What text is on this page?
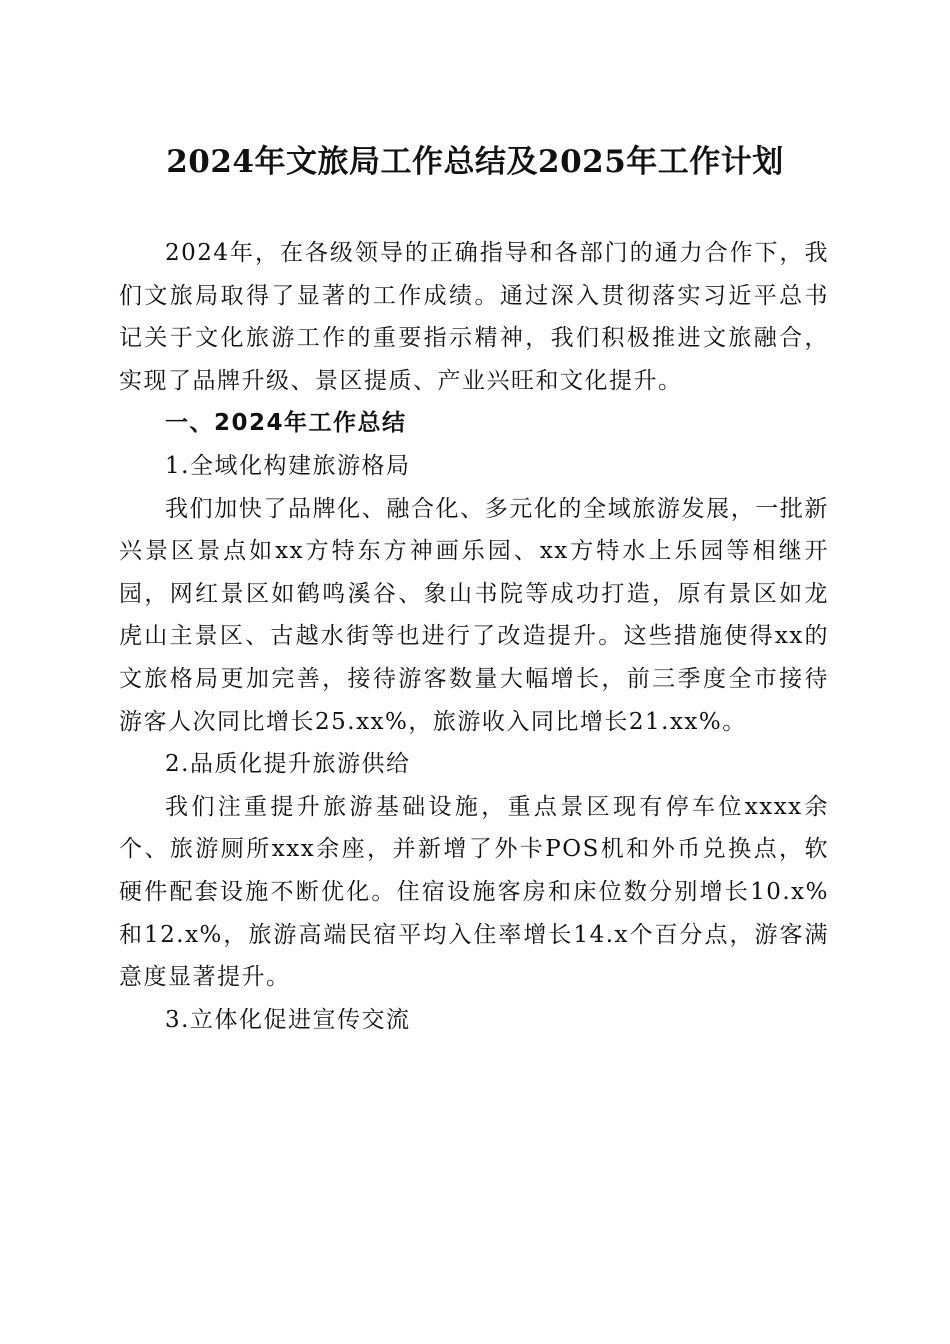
2024年文旅局工作总结及2025年工作计划

2024年，在各级领导的正确指导和各部门的通力合作下，我们文旅局取得了显著的工作成绩。通过深入贯彻落实习近平总书记关于文化旅游工作的重要指示精神，我们积极推进文旅融合，实现了品牌升级、景区提质、产业兴旺和文化提升。

一、2024年工作总结

1.全域化构建旅游格局

我们加快了品牌化、融合化、多元化的全域旅游发展，一批新兴景区景点如xx方特东方神画乐园、xx方特水上乐园等相继开园，网红景区如鹤鸣溪谷、象山书院等成功打造，原有景区如龙虎山主景区、古越水街等也进行了改造提升。这些措施使得xx的文旅格局更加完善，接待游客数量大幅增长，前三季度全市接待游客人次同比增长25.xx%，旅游收入同比增长21.xx%。

2.品质化提升旅游供给

我们注重提升旅游基础设施，重点景区现有停车位xxxx余个、旅游厕所xxx余座，并新增了外卡POS机和外币兑换点，软硬件配套设施不断优化。住宿设施客房和床位数分别增长10.x%和12.x%，旅游高端民宿平均入住率增长14.x个百分点，游客满意度显著提升。

3.立体化促进宣传交流
